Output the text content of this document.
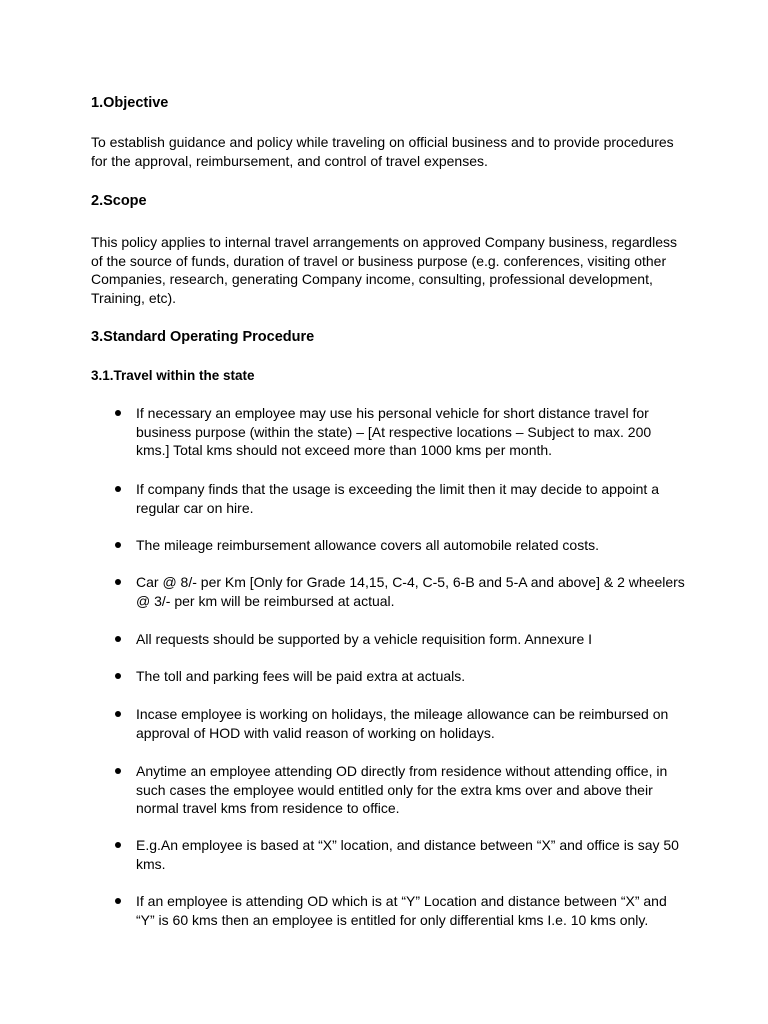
1.Objective

To establish guidance and policy while traveling on official business and to provide procedures for the approval, reimbursement, and control of travel expenses.

2.Scope

This policy applies to internal travel arrangements on approved Company business, regardless of the source of funds, duration of travel or business purpose (e.g. conferences, visiting other Companies, research, generating Company income, consulting, professional development, Training, etc).

3.Standard Operating Procedure
3.1.Travel within the state

If necessary an employee may use his personal vehicle for short distance travel for business purpose (within the state) – [At respective locations – Subject to max. 200 kms.] Total kms should not exceed more than 1000 kms per month.

If company finds that the usage is exceeding the limit then it may decide to appoint a regular car on hire.

The mileage reimbursement allowance covers all automobile related costs.

Car @ 8/- per Km [Only for Grade 14,15, C-4, C-5, 6-B and 5-A and above] & 2 wheelers @ 3/- per km will be reimbursed at actual.

All requests should be supported by a vehicle requisition form. Annexure I

The toll and parking fees will be paid extra at actuals.

Incase employee is working on holidays, the mileage allowance can be reimbursed on approval of HOD with valid reason of working on holidays.

Anytime an employee attending OD directly from residence without attending office, in such cases the employee would entitled only for the extra kms over and above their normal travel kms from residence to office.

E.g.An employee is based at “X” location, and distance between “X” and office is say 50 kms.

If an employee is attending OD which is at “Y” Location and distance between “X” and “Y” is 60 kms then an employee is entitled for only differential kms I.e. 10 kms only.
